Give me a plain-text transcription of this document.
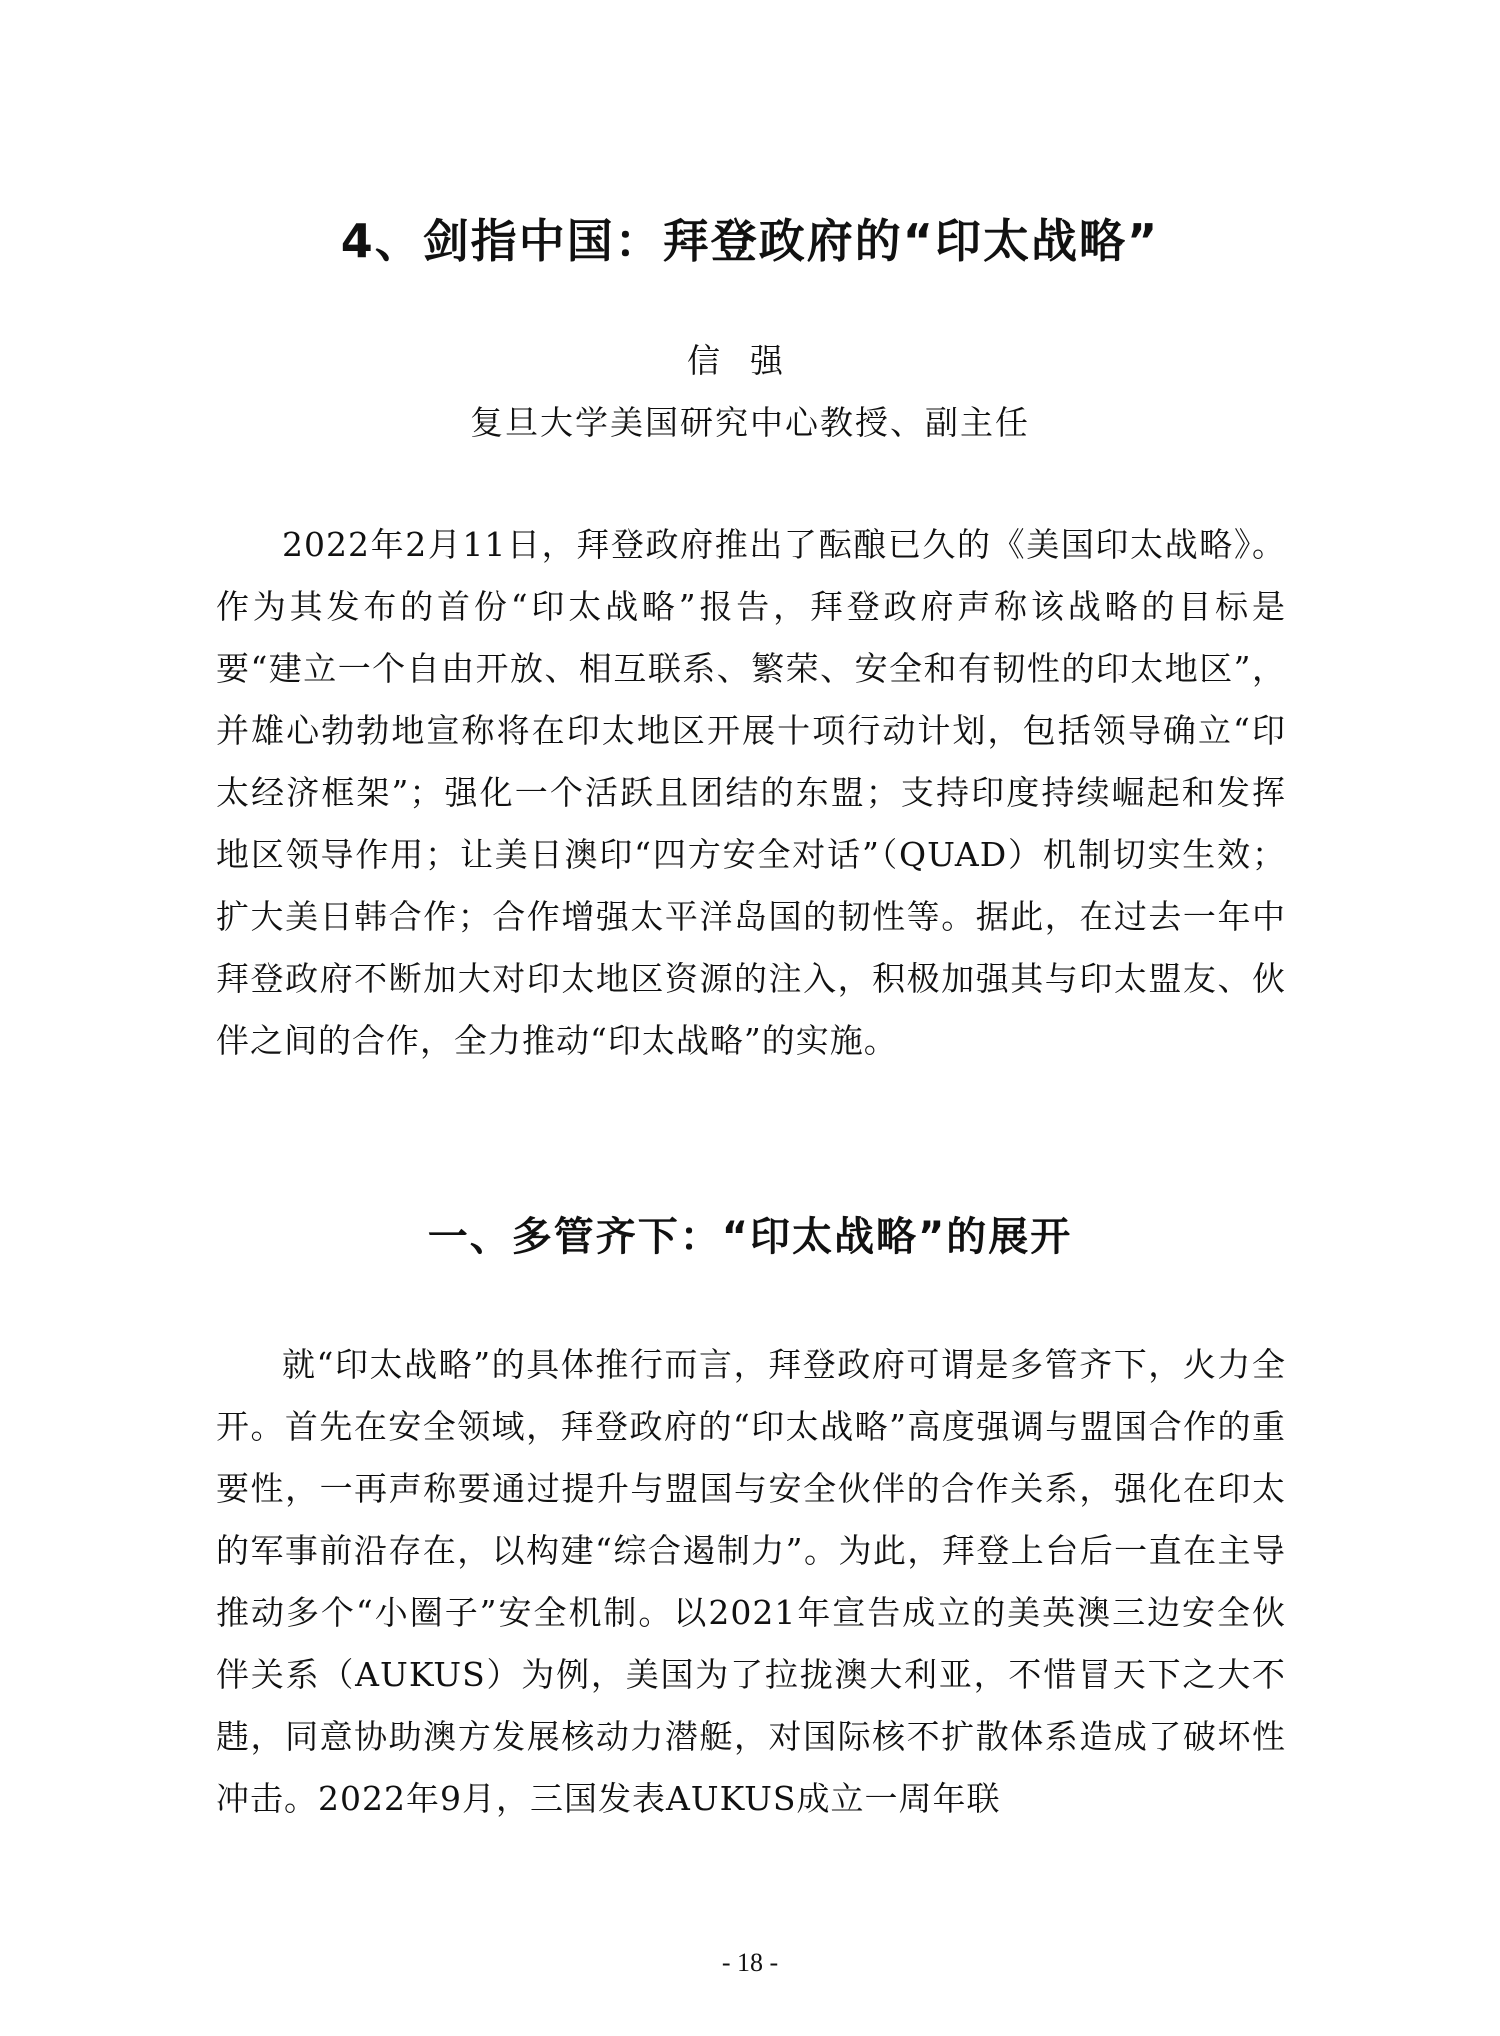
4、剑指中国：拜登政府的“印太战略”

信强

复旦大学美国研究中心教授、副主任

2022年2月11日，拜登政府推出了酝酿已久的《美国印太战略》。作为其发布的首份“印太战略”报告，拜登政府声称该战略的目标是要“建立一个自由开放、相互联系、繁荣、安全和有韧性的印太地区”，并雄心勃勃地宣称将在印太地区开展十项行动计划，包括领导确立“印太经济框架”；强化一个活跃且团结的东盟；支持印度持续崛起和发挥地区领导作用；让美日澳印“四方安全对话”（QUAD）机制切实生效；扩大美日韩合作；合作增强太平洋岛国的韧性等。据此，在过去一年中拜登政府不断加大对印太地区资源的注入，积极加强其与印太盟友、伙伴之间的合作，全力推动“印太战略”的实施。

一、多管齐下：“印太战略”的展开

就“印太战略”的具体推行而言，拜登政府可谓是多管齐下，火力全开。首先在安全领域，拜登政府的“印太战略”高度强调与盟国合作的重要性，一再声称要通过提升与盟国与安全伙伴的合作关系，强化在印太的军事前沿存在，以构建“综合遏制力”。为此，拜登上台后一直在主导推动多个“小圈子”安全机制。以2021年宣告成立的美英澳三边安全伙伴关系（AUKUS）为例，美国为了拉拢澳大利亚，不惜冒天下之大不韪，同意协助澳方发展核动力潜艇，对国际核不扩散体系造成了破坏性冲击。2022年9月，三国发表AUKUS成立一周年联

- 18 -
